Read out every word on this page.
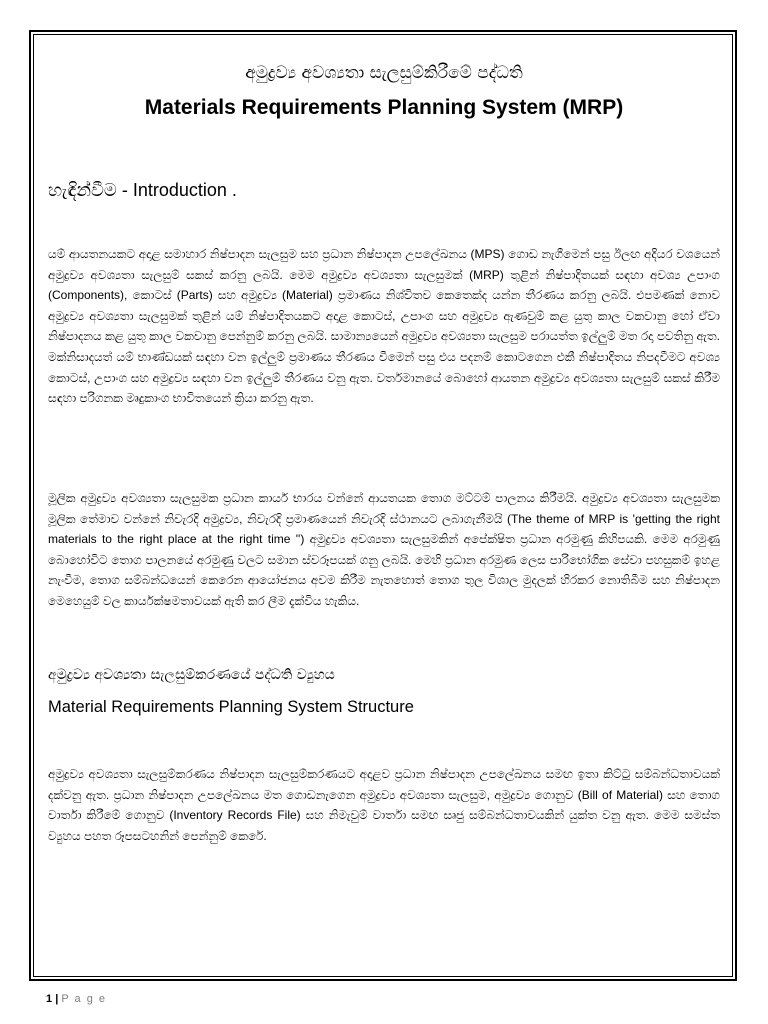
අමුද්‍රව්‍ය අවශ්‍යතා සැලසුම්කිරීමේ පද්ධති
Materials Requirements Planning System (MRP)
හැඳින්වීම - Introduction .

යම් ආයතනයකට අදාළ සමාහාර නිෂ්පාදන සැලසුම සහ ප්‍රධාන නිෂ්පාදන උපලේඛනය (MPS) ගොඩ නැගීමෙන් පසු ඊලඟ අදියර වශයෙන් අමුද්‍රව්‍ය අවශ්‍යතා සැලසුම් සකස් කරනු ලබයි. මෙම අමුද්‍රව්‍ය අවශ්‍යතා සැලසුමක් (MRP) තුළින් නිෂ්පාදිතයක් සඳහා අවශ්‍ය උපාංග (Components), කොටස් (Parts) සහ අමුද්‍රව්‍ය (Material) ප්‍රමාණය නිශ්චිතව කෙතෙක්ද යන්න තීරණය කරනු ලබයි. එපමණක් නොව අමුද්‍රව්‍ය අවශ්‍යතා සැලසුමක් තුළින් යම් නිෂ්පාදිතයකට අදාළ කොටස්, උපාංග සහ අමුද්‍රව්‍ය ඇණවුම් කළ යුතු කාල වකවානු හෝ ඒවා නිෂ්පාදනය කළ යුතු කාල වකවානු පෙන්නුම් කරනු ලබයි. සාමාන්‍යයෙන් අමුද්‍රව්‍ය අවශ්‍යතා සැලසුම පරායත්ත ඉල්ලුම් මත රදා පවතිනු ඇත. මක්නිසාදයත් යම් භාණ්ඩයක් සඳහා වන ඉල්ලුම් ප්‍රමාණය තීරණය වීමෙන් පසු එය පදනම් කොටගෙන එකී නිෂ්පාදිතය නිපදවීමට අවශ්‍ය කොටස්, උපාංග සහ අමුද්‍රව්‍ය සඳහා වන ඉල්ලුම් තීරණය වනු ඇත. වර්තමානයේ බොහෝ ආයතන අමුද්‍රව්‍ය අවශ්‍යතා සැලසුම් සකස් කිරීම සඳහා පරිගනක මෘදුකාංග භාවිතයෙන් ක්‍රියා කරනු ඇත.

මූලික අමුද්‍රව්‍ය අවශ්‍යතා සැලසුමක ප්‍රධාන කාර්ය භාරය වන්නේ ආයතයක තොග මට්ටම් පාලනය කිරීමයි. අමුද්‍රව්‍ය අවශ්‍යතා සැලසුමක මූලික තේමාව වන්නේ නිවැරදි අමුද්‍රව්‍ය, නිවැරදි ප්‍රමාණයෙන් නිවැරදි ස්ථානයට ලබාගැනීමයි (The theme of MRP is 'getting the right materials to the right place at the right time '') අමුද්‍රව්‍ය අවශ්‍යතා සැලසුමකින් අපේක්ෂිත ප්‍රධාන අරමුණු කිහිපයකි. මෙම අරමුණු බොහෝවිට තොග පාලනයේ අරමුණු වලට සමාන ස්වරූපයක් ගනු ලබයි. මෙහි ප්‍රධාන අරමුණ ලෙස පාරිභෝගික සේවා පහසුකම් ඉහළ නැංවීම, තොග සම්බන්ධයෙන් කෙරෙන ආයෝජනය අවම කිරීම නැතහොත් තොග තුල විශාල මුදලක් හිරකර නොතිබීම සහ නිෂ්පාදන මෙහෙයුම් වල කාර්යක්ෂමතාවයක් ඇති කර ලීම දැක්විය හැකිය.

අමුද්‍රව්‍ය අවශ්‍යතා සැලසුම්කරණයේ පද්ධති ව්‍යුහය
Material Requirements Planning System Structure

අමුද්‍රව්‍ය අවශ්‍යතා සැලසුම්කරණය නිෂ්පාදන සැලසුම්කරණයට අදාළව ප්‍රධාන නිෂ්පාදන උපලේඛනය සමඟ ඉතා කිට්ටු සම්බන්ධතාවයක් දක්වනු ඇත. ප්‍රධාන නිෂ්පාදන උපලේඛනය මත ගොඩනැගෙන අමුද්‍රව්‍ය අවශ්‍යතා සැලසුම, අමුද්‍රව්‍ය ගොනුව (Bill of Material) සහ තොග වාර්තා කිරීමේ ගොනුව (Inventory Records File) සහ නිමැවුම් වාර්තා සමඟ සෘජු සම්බන්ධතාවයකින් යුක්ත වනු ඇත. මෙම සමස්ත ව්‍යුහය පහත රූපසටහනින් පෙන්නුම් කෙරේ.

1 | P a g e
